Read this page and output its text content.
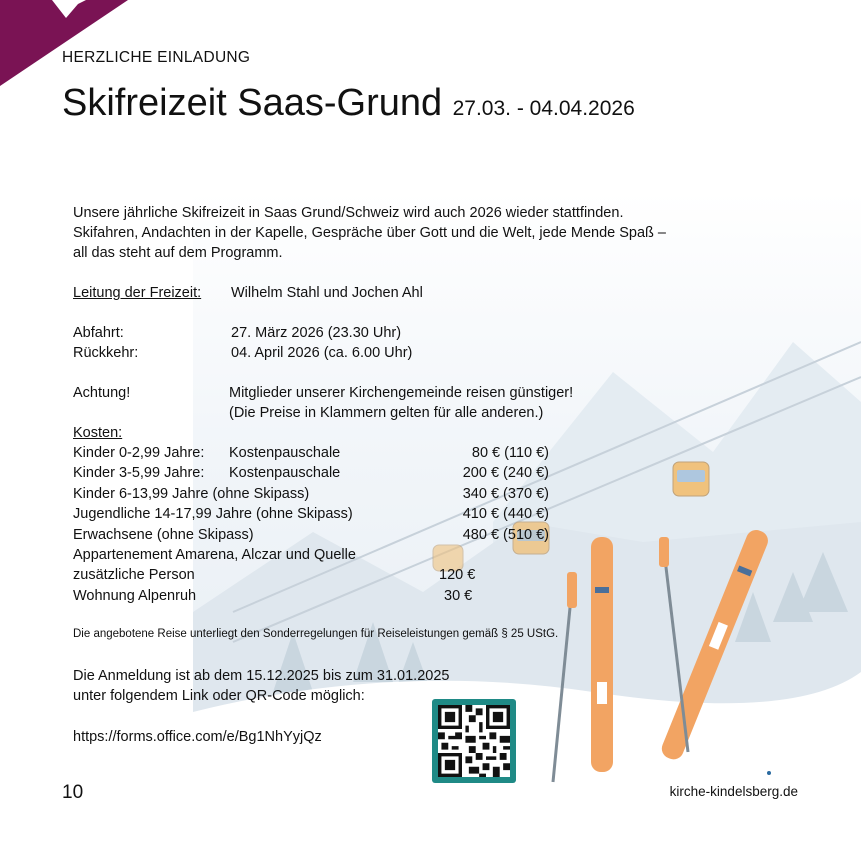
HERZLICHE EINLADUNG
Skifreizeit Saas-Grund 27.03. - 04.04.2026

Unsere jährliche Skifreizeit in Saas Grund/Schweiz wird auch 2026 wieder stattfinden.

Skifahren, Andachten in der Kapelle, Gespräche über Gott und die Welt, jede Mende Spaß –

all das steht auf dem Programm.

Leitung der Freizeit: Wilhelm Stahl und Jochen Ahl
Abfahrt:	27. März 2026 (23.30 Uhr)
Rückkehr:	04. April 2026 (ca. 6.00 Uhr)
Achtung!	Mitglieder unserer Kirchengemeinde reisen günstiger!
(Die Preise in Klammern gelten für alle anderen.)
Kosten:
Kinder 0-2,99 Jahre: Kostenpauschale	80 € (110 €)
Kinder 3-5,99 Jahre: Kostenpauschale	200 € (240 €)
Kinder 6-13,99 Jahre (ohne Skipass)	340 € (370 €)
Jugendliche 14-17,99 Jahre (ohne Skipass)	410 € (440 €)
Erwachsene (ohne Skipass)	480 € (510 €)
Appartenement Amarena, Alczar und Quelle
zusätzliche Person	120 €
Wohnung Alpenruh	30 €
Die angebotene Reise unterliegt den Sonderregelungen für Reiseleistungen gemäß § 25 UStG.

Die Anmeldung ist ab dem 15.12.2025 bis zum 31.01.2025

unter folgendem Link oder QR-Code möglich:

https://forms.office.com/e/Bg1NhYyjQz
10	kirche-kindelsberg.de
